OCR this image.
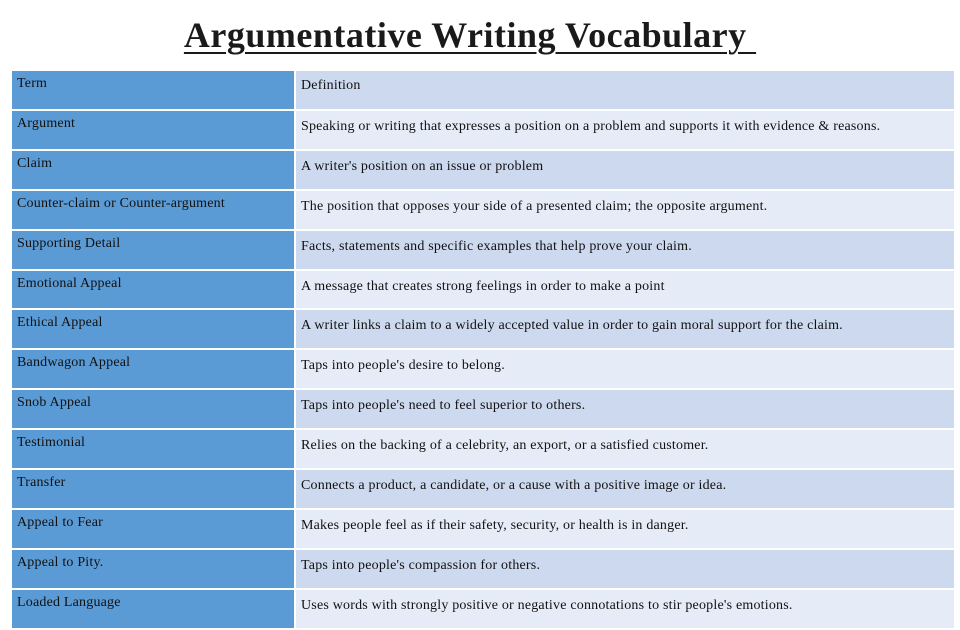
Argumentative Writing Vocabulary
Term	Definition
Argument	Speaking or writing that expresses a position on a problem and supports it with evidence & reasons.
Claim	A writer's position on an issue or problem
Counter-claim or Counter-argument	The position that opposes your side of a presented claim; the opposite argument.
Supporting Detail	Facts, statements and specific examples that help prove your claim.
Emotional Appeal	A message that creates strong feelings in order to make a point
Ethical Appeal	A writer links a claim to a widely accepted value in order to gain moral support for the claim.
Bandwagon Appeal	Taps into people's desire to belong.
Snob Appeal	Taps into people's need to feel superior to others.
Testimonial	Relies on the backing of a celebrity, an export, or a satisfied customer.
Transfer	Connects a product, a candidate, or a cause with a positive image or idea.
Appeal to Fear	Makes people feel as if their safety, security, or health is in danger.
Appeal to Pity.	Taps into people's compassion for others.
Loaded Language	Uses words with strongly positive or negative connotations to stir people's emotions.
